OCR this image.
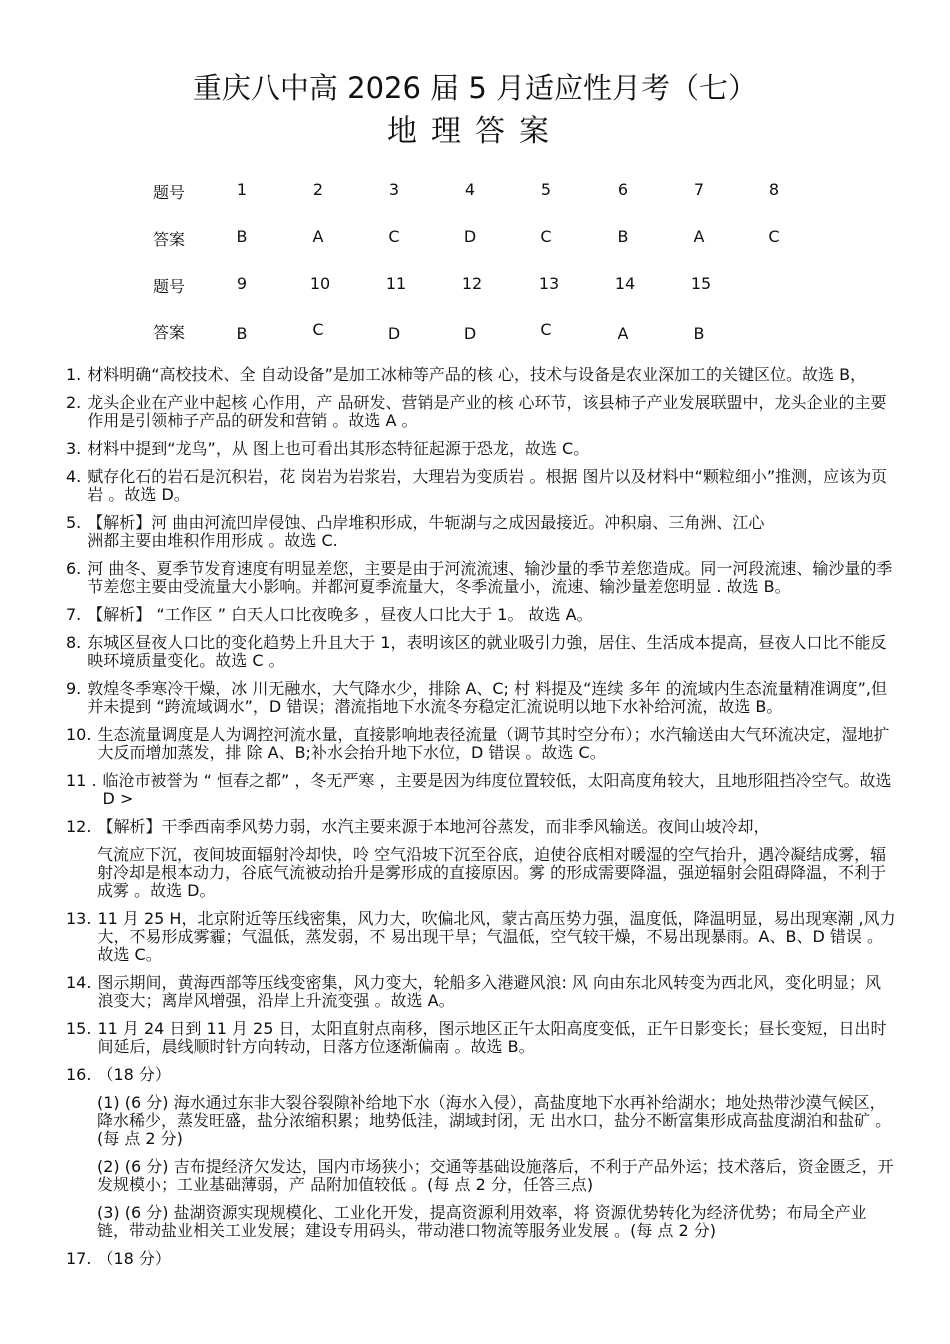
重庆八中高 2026 届 5 月适应性月考（七）
地理答案
题号	1	2	3	4	5	6	7	8
答案	B	A	C	D	C	B	A	C
题号	9	10	11	12	13	14	15
答案	B	C	D	D	C	A	B
1. 材料明确“高校技术、全 自动设备”是加工冰柿等产品的核 心，技术与设备是农业深加工的关键区位。故选 B，
2. 龙头企业在产业中起核 心作用，产 品研发、营销是产业的核 心环节，该县柿子产业发展联盟中，龙头企业的主要作用是引领柿子产品的研发和营销 。故选 A 。
3. 材料中提到“龙鸟”，从 图上也可看出其形态特征起源于恐龙，故选 C。
4. 赋存化石的岩石是沉积岩，花 岗岩为岩浆岩，大理岩为变质岩 。根据 图片以及材料中“颗粒细小”推测，应该为页岩 。故选 D。
5. 【解析】河 曲由河流凹岸侵蚀、凸岸堆积形成，牛轭湖与之成因最接近。冲积扇、三角洲、江心洲都主要由堆积作用形成 。故选 C.
6. 河 曲冬、夏季节发育速度有明显差您，主要是由于河流流速、输沙量的季节差您造成。同一河段流速、输沙量的季节差您主要由受流量大小影响。并都河夏季流量大，冬季流量小，流速、输沙量差您明显 . 故选 B。
7. 【解析】 “工作区 ” 白天人口比夜晚多 ，昼夜人口比大于 1。 故选 A。
8. 东城区昼夜人口比的变化趋势上升且大于 1，表明该区的就业吸引力強，居住、生活成本提高，昼夜人口比不能反映环境质量变化。故选 C 。
9. 敦煌冬季寒冷干燥，冰 川无融水，大气降水少，排除 A、C; 村 料提及“连续 多年 的流域内生态流量精准调度”,但并未提到 “跨流域调水”，D 错误；潜流指地下水流冬夯稳定汇流说明以地下水补给河流，故选 B。
10. 生态流量调度是人为调控河流水量，直接影响地表径流量（调节其时空分布）；水汽输送由大气环流决定，湿地扩大反而增加蒸发，排 除 A、B;补水会抬升地下水位，D 错误 。故选 C。
11 . 临沧市被誉为 “ 恒春之都” ，冬无严寒 ，主要是因为纬度位置较低，太阳高度角较大，且地形阻挡冷空气。故选 D >
12. 【解析】干季西南季风势力弱，水汽主要来源于本地河谷蒸发，而非季风输送。夜间山坡冷却，
气流应下沉，夜间坡面辐射冷却快，呤 空气沿坡下沉至谷底，迫使谷底相对暖湿的空气抬升，遇冷凝结成雾，辐射冷却是根本动力，谷底气流被动抬升是雾形成的直接原因。雾 的形成需要降温，强逆辐射会阻碍降温，不利于成雾 。故选 D。
13. 11 月 25 H，北京附近等压线密集，风力大，吹偏北风，蒙古高压势力强，温度低，降温明显，易出现寒潮 ,风力大，不易形成雾霾；气温低，蒸发弱，不 易出现干旱；气温低，空气较干燥，不易出现暴雨。A、B、D 错误 。故选 C。
14. 图示期间，黄海西部等压线变密集，风力变大，轮船多入港避风浪: 风 向由东北风转变为西北风，变化明显；风浪变大；离岸风增强，沿岸上升流变强 。故选 A。
15. 11 月 24 日到 11 月 25 日，太阳直射点南移，图示地区正午太阳高度变低，正午日影变长；昼长变短，日出时间延后，晨线顺时针方向转动，日落方位逐渐偏南 。故选 B。
16. （18 分）
(1) (6 分) 海水通过东非大裂谷裂隙补给地下水（海水入侵），高盐度地下水再补给湖水；地处热带沙漠气候区，降水稀少，蒸发旺盛，盐分浓缩积累；地势低洼，湖域封闭，无 出水口，盐分不断富集形成高盐度湖泊和盐矿 。(每 点 2 分)
(2) (6 分) 吉布提经济欠发达，国内市场狭小；交通等基础设施落后，不利于产品外运；技术落后，资金匮乏，开 发规模小；工业基础薄弱，产 品附加值较低 。(每 点 2 分，任答三点)
(3) (6 分) 盐湖资源实现规模化、工业化开发，提高资源利用效率，将 资源优势转化为经济优势；布局全产业链，带动盐业相关工业发展；建设专用码头，带动港口物流等服务业发展 。(每 点 2 分)
17. （18 分）
